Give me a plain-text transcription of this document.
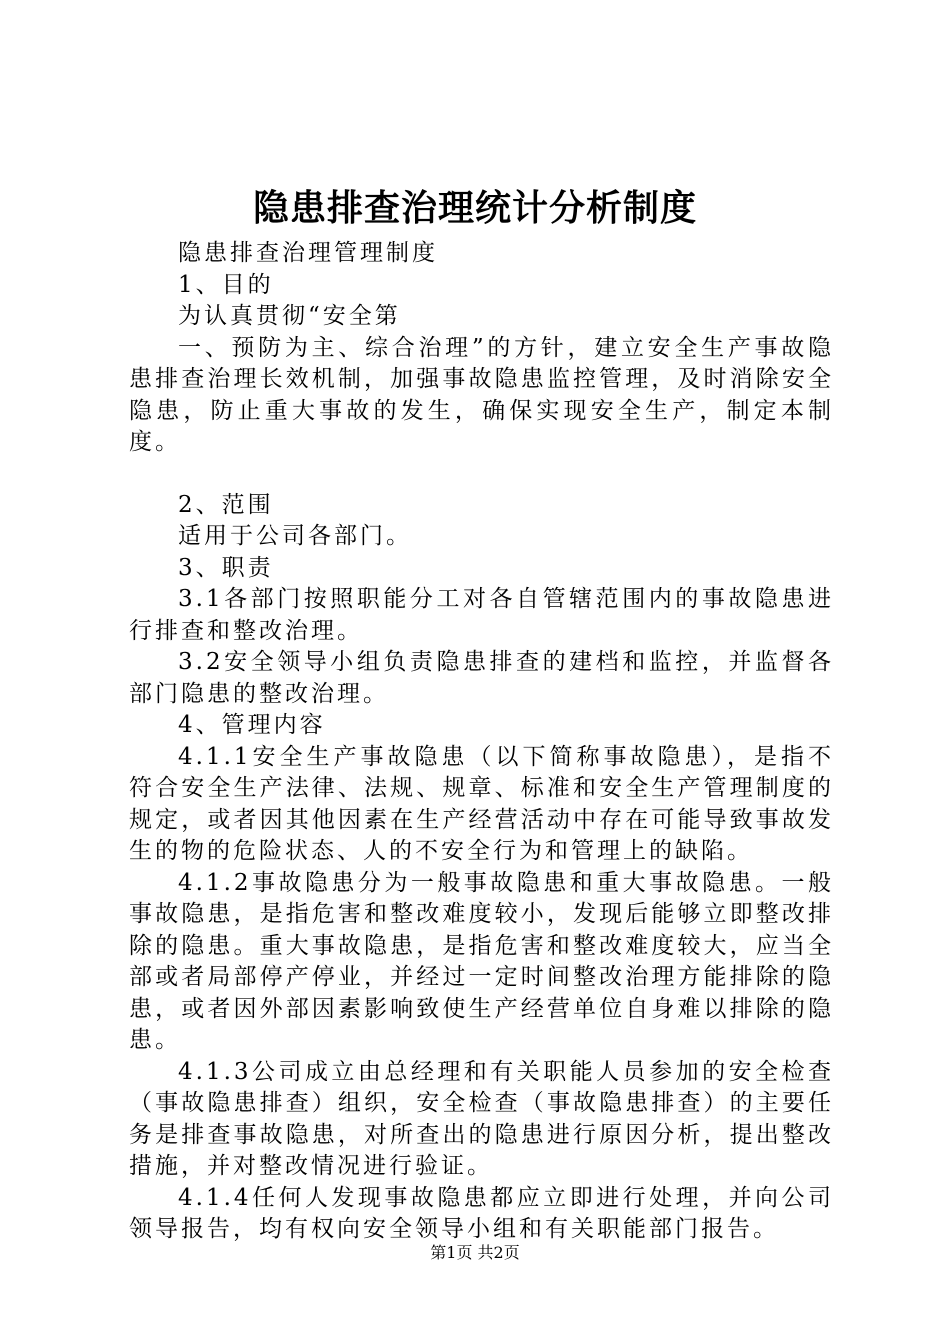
隐患排查治理统计分析制度

隐患排查治理管理制度

1、目的

为认真贯彻“安全第

一、预防为主、综合治理”的方针，建立安全生产事故隐患排查治理长效机制，加强事故隐患监控管理，及时消除安全隐患，防止重大事故的发生，确保实现安全生产，制定本制度。

2、范围

适用于公司各部门。

3、职责

3.1各部门按照职能分工对各自管辖范围内的事故隐患进行排查和整改治理。

3.2安全领导小组负责隐患排查的建档和监控，并监督各部门隐患的整改治理。

4、管理内容

4.1.1安全生产事故隐患（以下简称事故隐患），是指不符合安全生产法律、法规、规章、标准和安全生产管理制度的规定，或者因其他因素在生产经营活动中存在可能导致事故发生的物的危险状态、人的不安全行为和管理上的缺陷。

4.1.2事故隐患分为一般事故隐患和重大事故隐患。一般事故隐患，是指危害和整改难度较小，发现后能够立即整改排除的隐患。重大事故隐患，是指危害和整改难度较大，应当全部或者局部停产停业，并经过一定时间整改治理方能排除的隐患，或者因外部因素影响致使生产经营单位自身难以排除的隐患。

4.1.3公司成立由总经理和有关职能人员参加的安全检查（事故隐患排查）组织，安全检查（事故隐患排查）的主要任务是排查事故隐患，对所查出的隐患进行原因分析，提出整改措施，并对整改情况进行验证。

4.1.4任何人发现事故隐患都应立即进行处理，并向公司领导报告，均有权向安全领导小组和有关职能部门报告。

第1页 共2页
